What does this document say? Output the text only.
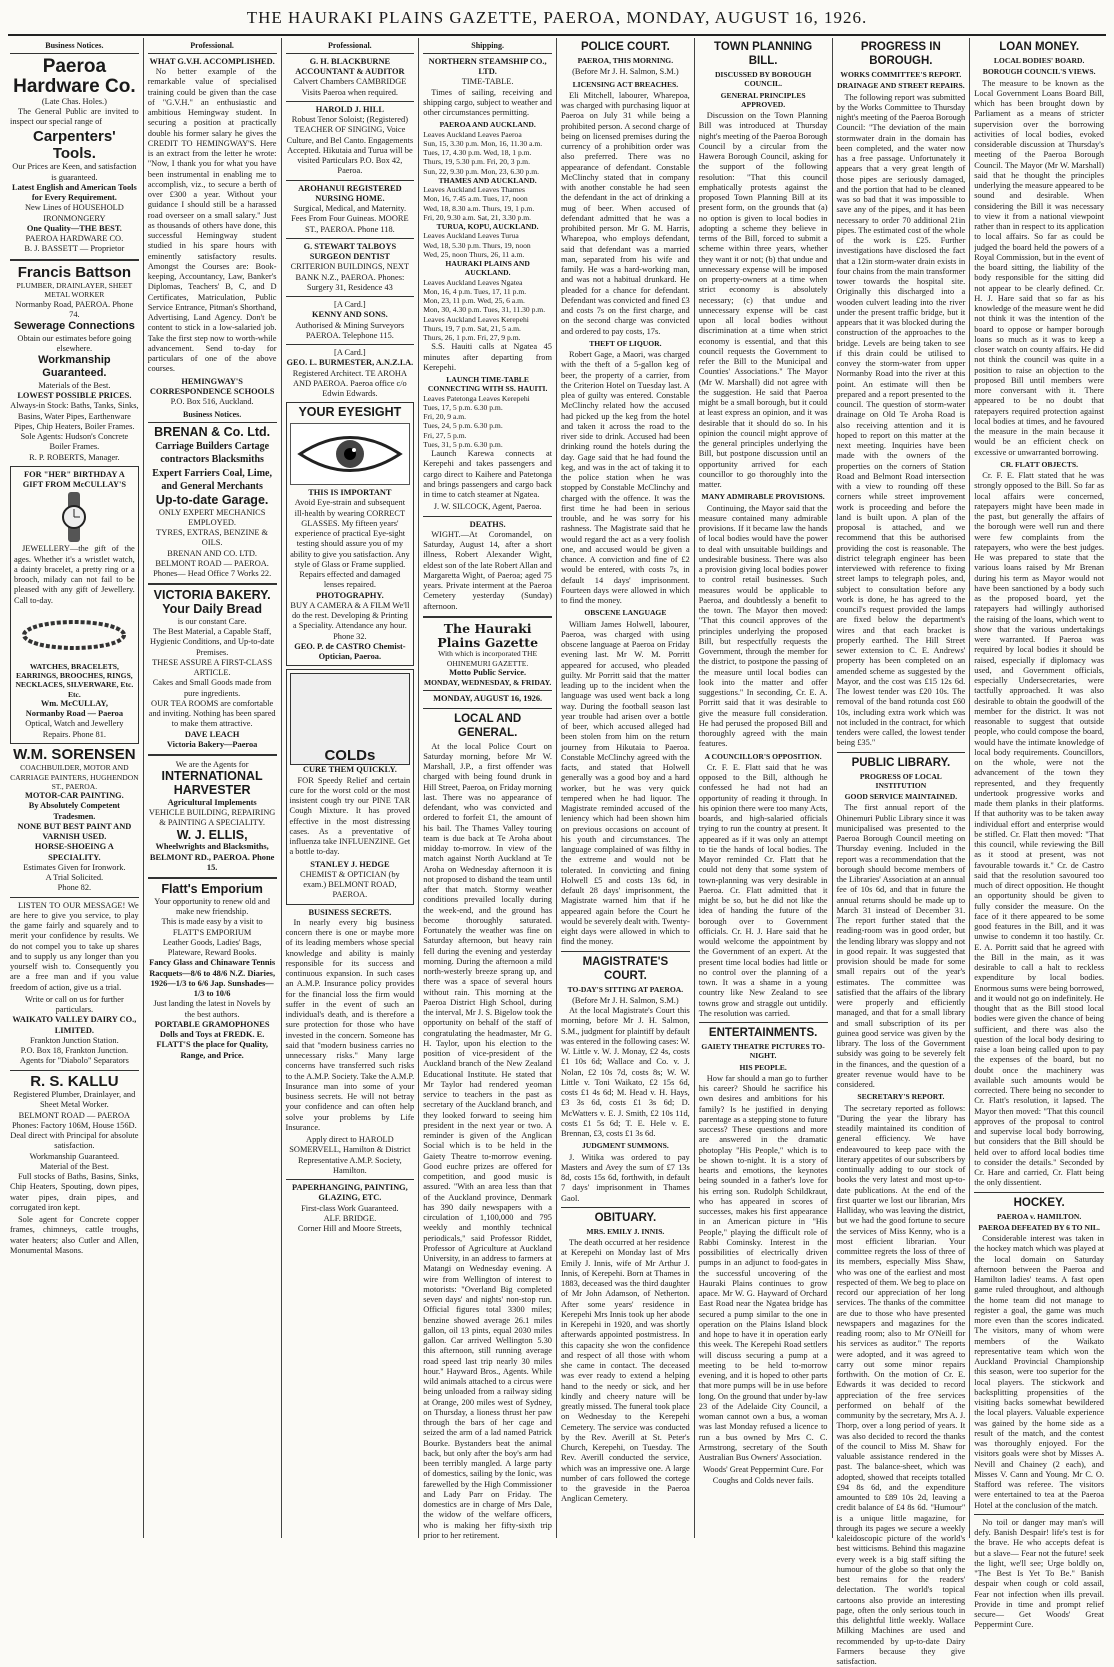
THE HAURAKI PLAINS GAZETTE, PAEROA, MONDAY, AUGUST 16, 1926.
Business Notices.
Paeroa Hardware Co.
(Late Chas. Holes.)

The General Public are invited to inspect our special range of

Carpenters' Tools.
Our Prices are Keen, and satisfaction is guaranteed.
Latest English and American Tools for Every Requirement.
New Lines of HOUSEHOLD IRONMONGERY
One Quality—THE BEST.
PAEROA HARDWARE CO.
B. J. BASSETT — Proprietor
Francis Battson
PLUMBER, DRAINLAYER, SHEET METAL WORKER
Normanby Road, PAEROA. Phone 74.
Sewerage Connections
Obtain our estimates before going elsewhere.
Workmanship Guaranteed.
Materials of the Best.
LOWEST POSSIBLE PRICES.
Always-in Stock: Baths, Tanks, Sinks, Basins, Water Pipes, Earthenware Pipes, Chip Heaters, Boiler Frames.
Sole Agents: Hudson's Concrete Boiler Frames.
R. P. ROBERTS, Manager.
FOR "HER" BIRTHDAY A GIFT FROM McCULLAY'S

JEWELLERY—the gift of the ages. Whether it's a wristlet watch, a dainty bracelet, a pretty ring or a brooch, milady can not fail to be pleased with any gift of Jewellery. Call to-day.

WATCHES, BRACELETS, EARRINGS, BROOCHES, RINGS, NECKLACES, SILVERWARE, Etc. Etc.
Wm. McCULLAY,
Normanby Road — Paeroa
Optical, Watch and Jewellery Repairs. Phone 81.
W.M. SORENSEN
COACHBUILDER, MOTOR AND CARRIAGE PAINTERS, HUGHENDON ST., PAEROA.
MOTOR-CAR PAINTING.
By Absolutely Competent Tradesmen.
NONE BUT BEST PAINT AND VARNISH USED.
HORSE-SHOEING A SPECIALITY.
Estimates Given for Ironwork.
A Trial Solicited.
Phone 82.

LISTEN TO OUR MESSAGE! We are here to give you service, to play the game fairly and squarely and to merit your confidence by results. We do not compel you to take up shares and to supply us any longer than you yourself wish to. Consequently you are a free man and if you value freedom of action, give us a trial.

Write or call on us for further particulars.
WAIKATO VALLEY DAIRY CO., LIMITED.
Frankton Junction Station.
P.O. Box 18, Frankton Junction. Agents for "Diabolo" Separators
R. S. KALLU
Registered Plumber, Drainlayer, and Sheet Metal Worker.
BELMONT ROAD — PAEROA
Phones: Factory 106M, House 156D.
Deal direct with Principal for absolute satisfaction.
Workmanship Guaranteed.
Material of the Best.

Full stocks of Baths, Basins, Sinks, Chip Heaters, Spouting, down pipes, water pipes, drain pipes, and corrugated iron kept.

Sole agent for Concrete copper frames, chimneys, cattle troughs, water heaters; also Cutler and Allen, Monumental Masons.

Professional.
WHAT G.V.H. ACCOMPLISHED.

No better example of the remarkable value of specialised training could be given than the case of "G.V.H." an enthusiastic and ambitious Hemingway student. In securing a position at practically double his former salary he gives the CREDIT TO HEMINGWAY'S. Here is an extract from the letter he wrote: "Now, I thank you for what you have been instrumental in enabling me to accomplish, viz., to secure a berth of over £300 a year. Without your guidance I should still be a harassed road overseer on a small salary." Just as thousands of others have done, this successful Hemingway student studied in his spare hours with eminently satisfactory results. Amongst the Courses are: Book-keeping, Accountancy, Law, Banker's Diplomas, Teachers' B, C, and D Certificates, Matriculation, Public Service Entrance, Pitman's Shorthand, Advertising, Land Agency. Don't be content to stick in a low-salaried job. Take the first step now to worth-while advancement. Send to-day for particulars of one of the above courses.

HEMINGWAY'S CORRESPONDENCE SCHOOLS
P.O. Box 516, Auckland.
Business Notices.
BRENAN & Co. Ltd.
Carriage Builders Cartage contractors Blacksmiths Expert Farriers Coal, Lime, and General Merchants
Up-to-date Garage.
ONLY EXPERT MECHANICS EMPLOYED.
TYRES, EXTRAS, BENZINE & OILS.
BRENAN AND CO. LTD.
BELMONT ROAD — PAEROA.
Phones— Head Office 7 Works 22.
VICTORIA BAKERY.
Your Daily Bread
is our constant Care.
The Best Material, a Capable Staff, Hygienic Conditions, and Up-to-date Premises.
THESE ASSURE A FIRST-CLASS ARTICLE.
Cakes and Small Goods made from pure ingredients.
OUR TEA ROOMS are comfortable and inviting. Nothing has been spared to make them attractive.
DAVE LEACH
Victoria Bakery—Paeroa
We are the Agents for
INTERNATIONAL HARVESTER
Agricultural Implements
VEHICLE BUILDING, REPAIRING & PAINTING A SPECIALITY.
W. J. ELLIS,
Wheelwrights and Blacksmiths,
BELMONT RD., PAEROA. Phone 15.
Flatt's Emporium
Your opportunity to renew old and make new friendship.
This is made easy by a visit to FLATT'S EMPORIUM
Leather Goods, Ladies' Bags, Plateware, Reward Books.
Fancy Glass and Chinaware Tennis Racquets—8/6 to 48/6 N.Z. Diaries, 1926—1/3 to 6/6 Jap. Sunshades—1/3 to 10/6
Just landing the latest in Novels by the best authors.
PORTABLE GRAMOPHONES Dolls and Toys at FREDK. E. FLATT'S the place for Quality, Range, and Price.
Professional.
G. H. BLACKBURNE ACCOUNTANT & AUDITOR
Calvert Chambers CAMBRIDGE
Visits Paeroa when required.
HAROLD J. HILL
Robust Tenor Soloist; (Registered) TEACHER OF SINGING, Voice Culture, and Bel Canto. Engagements Accepted. Hikutaia and Turua will be visited Particulars P.O. Box 42, Paeroa.
AROHANUI REGISTERED NURSING HOME.
Surgical, Medical, and Maternity. Fees From Four Guineas. MOORE ST., PAEROA. Phone 118.
G. STEWART TALBOYS SURGEON DENTIST
CRITERION BUILDINGS, NEXT BANK N.Z., PAEROA. Phones: Surgery 31, Residence 43
[A Card.]
KENNY AND SONS.
Authorised & Mining Surveyors PAEROA. Telephone 115.
[A Card.]
GEO. L. BURMESTER, A.N.Z.I.A.
Registered Architect. TE AROHA AND PAEROA. Paeroa office c/o Edwin Edwards.
YOUR EYESIGHT
THIS IS IMPORTANT
Avoid Eye-strain and subsequent ill-health by wearing CORRECT GLASSES. My fifteen years' experience of practical Eye-sight testing should assure you of my ability to give you satisfaction. Any style of Glass or Frame supplied. Repairs effected and damaged lenses repaired.
PHOTOGRAPHY.
BUY A CAMERA & A FILM We'll do the rest. Developing & Printing a Speciality. Attendance any hour. Phone 32.
GEO. P. de CASTRO Chemist-Optician, Paeroa.
COLDs
CURE THEM QUICKLY.

FOR Speedy Relief and certain cure for the worst cold or the most insistent cough try our PINE TAR Cough Mixture. It has proved effective in the most distressing cases. As a preventative of influenza take INFLUENZINE. Get a bottle to-day.

STANLEY J. HEDGE
CHEMIST & OPTICIAN (by exam.) BELMONT ROAD, PAEROA.
BUSINESS SECRETS.

In nearly every big business concern there is one or maybe more of its leading members whose special knowledge and ability is mainly responsible for its success and continuous expansion. In such cases an A.M.P. Insurance policy provides for the financial loss the firm would suffer in the event of such an individual's death, and is therefore a sure protection for those who have invested in the concern. Someone has said that "modern business carries no unnecessary risks." Many large concerns have transferred such risks to the A.M.P. Society. Take the A.M.P. Insurance man into some of your business secrets. He will not betray your confidence and can often help solve your problems by Life Insurance.

Apply direct to HAROLD SOMERVELL, Hamilton & District Representative A.M.P. Society, Hamilton.
PAPERHANGING, PAINTING, GLAZING, ETC.
First-class Work Guaranteed.
ALF. BRIDGE.
Corner Hill and Moore Streets,
Shipping.
NORTHERN STEAMSHIP CO., LTD.
TIME-TABLE.

Times of sailing, receiving and shipping cargo, subject to weather and other circumstances permitting.

PAEROA AND AUCKLAND.
Leaves Auckland Leaves Paeroa
Sun, 15, 3.30 p.m. Mon, 16, 11.30 a.m.
Tues, 17, 4.30 p.m. Wed, 18, 1 p.m.
Thurs, 19, 5.30 p.m. Fri, 20, 3 p.m.
Sun, 22, 9.30 p.m. Mon, 23, 6.30 p.m.
THAMES AND AUCKLAND.
Leaves Auckland Leaves Thames
Mon, 16, 7.45 a.m. Tues, 17, noon
Wed, 18, 8.30 a.m. Thurs, 19, 1 p.m.
Fri, 20, 9.30 a.m. Sat, 21, 3.30 p.m.
TURUA, KOPU, AUCKLAND.
Leaves Auckland Leaves Turua
Wed, 18, 5.30 p.m. Thurs, 19, noon
Wed, 25, noon Thurs, 26, 11 a.m.
HAURAKI PLAINS AND AUCKLAND.
Leaves Auckland Leaves Ngatea
Mon, 16, 4 p.m. Tues, 17, 11 p.m.
Mon, 23, 11 p.m. Wed, 25, 6 a.m.
Mon, 30, 4.30 p.m. Tues, 31, 11.30 p.m.
Leaves Auckland Leaves Kerepehi
Thurs, 19, 7 p.m. Sat, 21, 5 a.m.
Thurs, 26, 1 p.m. Fri, 27, 9 p.m.

S.S. Hauiti calls at Ngatea 45 minutes after departing from Kerepehi.

LAUNCH TIME-TABLE CONNECTING WITH SS. HAUITI.
Leaves Patetonga Leaves Kerepehi
Tues, 17, 5 p.m. 6.30 p.m.
Fri, 20, 9 a.m.
Tues, 24, 5 p.m. 6.30 p.m.
Fri, 27, 5 p.m.
Tues, 31, 5 p.m. 6.30 p.m.

Launch Karewa connects at Kerepehi and takes passengers and cargo direct to Kaihere and Patetonga and brings passengers and cargo back in time to catch steamer at Ngatea.

J. W. SILCOCK, Agent, Paeroa.
DEATHS.

WIGHT.—At Coromandel, on Saturday, August 14, after a short illness, Robert Alexander Wight, eldest son of the late Robert Allan and Margaretta Wight, of Paeroa; aged 75 years. Private interment at the Paeroa Cemetery yesterday (Sunday) afternoon.

The Hauraki Plains Gazette
With which is incorporated THE OHINEMURI GAZETTE.
Motto Public Service.
MONDAY, WEDNESDAY, & FRIDAY.
MONDAY, AUGUST 16, 1926.
LOCAL AND GENERAL.

At the local Police Court on Saturday morning, before Mr W. Marshall, J.P., a first offender was charged with being found drunk in Hill Street, Paeroa, on Friday morning last. There was no appearance of defendant, who was convicted and ordered to forfeit £1, the amount of his bail. The Thames Valley touring team is due back at Te Aroha about midday to-morrow. In view of the match against North Auckland at Te Aroha on Wednesday afternoon it is not proposed to disband the team until after that match. Stormy weather conditions prevailed locally during the week-end, and the ground has become thoroughly saturated. Fortunately the weather was fine on Saturday afternoon, but heavy rain fell during the evening and yesterday morning. During the afternoon a mild north-westerly breeze sprang up, and there was a space of several hours without rain. This morning at the Paeroa District High School, during the interval, Mr J. S. Bigelow took the opportunity on behalf of the staff of congratulating the headmaster, Mr G. H. Taylor, upon his election to the position of vice-president of the Auckland branch of the New Zealand Educational Institute. He stated that Mr Taylor had rendered yeoman service to teachers in the past as secretary of the Auckland branch, and they looked forward to seeing him president in the next year or two. A reminder is given of the Anglican Social which is to be held in the Gaiety Theatre to-morrow evening. Good euchre prizes are offered for competition, and good music is assured. "With an area less than that of the Auckland province, Denmark has 390 daily newspapers with a circulation of 1,100,000 and 795 weekly and monthly technical periodicals," said Professor Riddet, Professor of Agriculture at Auckland University, in an address to farmers at Matangi on Wednesday evening. A wire from Wellington of interest to motorists: "Overland Big completed seven days' and nights' non-stop run. Official figures total 3300 miles; benzine showed average 26.1 miles gallon, oil 13 pints, equal 2030 miles gallon. Car arrived Wellington 5.30 this afternoon, still running average road speed last trip nearly 30 miles hour." Hayward Bros., Agents. While wild animals attached to a circus were being unloaded from a railway siding at Orange, 200 miles west of Sydney, on Thursday, a lioness thrust her paw through the bars of her cage and seized the arm of a lad named Patrick Bourke. Bystanders beat the animal back, but only after the boy's arm had been terribly mangled. A large party of domestics, sailing by the Ionic, was farewelled by the High Commissioner and Lady Parr on Friday. The domestics are in charge of Mrs Dale, the widow of the welfare officers, who is making her fifty-sixth trip prior to her retirement.

POLICE COURT.
PAEROA, THIS MORNING.
(Before Mr J. H. Salmon, S.M.)
LICENSING ACT BREACHES.

Eli Mitchell, labourer, Wharepoa, was charged with purchasing liquor at Paeroa on July 31 while being a prohibited person. A second charge of being on licensed premises during the currency of a prohibition order was also preferred. There was no appearance of defendant. Constable McClinchy stated that in company with another constable he had seen the defendant in the act of drinking a mug of beer. When accused of defendant admitted that he was a prohibited person. Mr G. M. Harris, Wharepoa, who employs defendant, said that defendant was a married man, separated from his wife and family. He was a hard-working man, and was not a habitual drunkard. He pleaded for a chance for defendant. Defendant was convicted and fined £3 and costs 7s on the first charge, and on the second charge was convicted and ordered to pay costs, 17s.

THEFT OF LIQUOR.

Robert Gage, a Maori, was charged with the theft of a 5-gallon keg of beer, the property of a carrier, from the Criterion Hotel on Tuesday last. A plea of guilty was entered. Constable McClinchy related how the accused had picked up the keg from the hotel and taken it across the road to the river side to drink. Accused had been drinking round the hotels during the day. Gage said that he had found the keg, and was in the act of taking it to the police station when he was stopped by Constable McClinchy and charged with the offence. It was the first time he had been in serious trouble, and he was sorry for his rashness. The Magistrate said that he would regard the act as a very foolish one, and accused would be given a chance. A conviction and fine of £2 would be entered, with costs 7s, in default 14 days' imprisonment. Fourteen days were allowed in which to find the money.

OBSCENE LANGUAGE

William James Holwell, labourer, Paeroa, was charged with using obscene language at Paeroa on Friday evening last. Mr W. M. Porritt appeared for accused, who pleaded guilty. Mr Porritt said that the matter leading up to the incident when the language was used went back a long way. During the football season last year trouble had arisen over a bottle of beer, which accused alleged had been stolen from him on the return journey from Hikutaia to Paeroa. Constable McClinchy agreed with the facts, and stated that Holwell generally was a good boy and a hard worker, but he was very quick tempered when he had liquor. The Magistrate reminded accused of the leniency which had been shown him on previous occasions on account of his youth and circumstances. The language complained of was filthy in the extreme and would not be tolerated. In convicting and fining Holwell £5 and costs 13s 6d, in default 28 days' imprisonment, the Magistrate warned him that if he appeared again before the Court he would be severely dealt with. Twenty-eight days were allowed in which to find the money.

MAGISTRATE'S COURT.
TO-DAY'S SITTING AT PAEROA.
(Before Mr J. H. Salmon, S.M.)

At the local Magistrate's Court this morning, before Mr J. H. Salmon, S.M., judgment for plaintiff by default was entered in the following cases: W. W. Little v. W. J. Monay, £2 4s, costs £1 10s 6d; Wallace and Co. v. J. Nolan, £2 10s 7d, costs 8s; W. W. Little v. Toni Waikato, £2 15s 6d, costs £1 4s 6d; M. Head v. H. Hays, £3 3s 6d, costs £1 3s 6d; D. McWatters v. E. J. Smith, £2 10s 11d, costs £1 5s 6d; T. E. Hele v. E. Brennan, £3, costs £1 3s 6d.

JUDGMENT SUMMONS.

J. Witika was ordered to pay Masters and Avey the sum of £7 13s 8d, costs 15s 6d, forthwith, in default 7 days' imprisonment in Thames Gaol.

OBITUARY.
MRS. EMILY J. INNIS.

The death occurred at her residence at Kerepehi on Monday last of Mrs Emily J. Innis, wife of Mr Arthur J. Innis, of Kerepehi. Born at Thames in 1883, deceased was the third daughter of Mr John Adamson, of Netherton. After some years' residence in Kerepehi Mrs Innis took up her abode in Kerepehi in 1920, and was shortly afterwards appointed postmistress. In this capacity she won the confidence and respect of all those with whom she came in contact. The deceased was ever ready to extend a helping hand to the needy or sick, and her kindly and cheery nature will be greatly missed. The funeral took place on Wednesday to the Kerepehi Cemetery. The service was conducted by the Rev. Averill at St. Peter's Church, Kerepehi, on Tuesday. The Rev. Averill conducted the service, which was an impressive one. A large number of cars followed the cortege to the graveside in the Paeroa Anglican Cemetery.

TOWN PLANNING BILL.
DISCUSSED BY BOROUGH COUNCIL.
GENERAL PRINCIPLES APPROVED.

Discussion on the Town Planning Bill was introduced at Thursday night's meeting of the Paeroa Borough Council by a circular from the Hawera Borough Council, asking for the support of the following resolution: "That this council emphatically protests against the proposed Town Planning Bill at its present form, on the grounds that (a) no option is given to local bodies in adopting a scheme they believe in terms of the Bill, forced to submit a scheme within three years, whether they want it or not; (b) that undue and unnecessary expense will be imposed on property-owners at a time when strict economy is absolutely necessary; (c) that undue and unnecessary expense will be cast upon all local bodies without discrimination at a time when strict economy is essential, and that this council requests the Government to refer the Bill to the Municipal and Counties' Associations." The Mayor (Mr W. Marshall) did not agree with the suggestion. He said that Paeroa might be a small borough, but it could at least express an opinion, and it was desirable that it should do so. In his opinion the council might approve of the general principles underlying the Bill, but postpone discussion until an opportunity arrived for each councillor to go thoroughly into the matter.

MANY ADMIRABLE PROVISIONS.

Continuing, the Mayor said that the measure contained many admirable provisions. If it became law the hands of local bodies would have the power to deal with unsuitable buildings and undesirable business. There was also a provision giving local bodies power to control retail businesses. Such measures would be applicable to Paeroa, and doubtlessly a benefit to the town. The Mayor then moved: "That this council approves of the principles underlying the proposed Bill, but respectfully requests the Government, through the member for the district, to postpone the passing of the measure until local bodies can look into the matter and offer suggestions." In seconding, Cr. E. A. Porritt said that it was desirable to give the measure full consideration. He had perused the proposed Bill and thoroughly agreed with the main features.

A COUNCILLOR'S OPPOSITION.

Cr. F. E. Flatt said that he was opposed to the Bill, although he confessed he had not had an opportunity of reading it through. In his opinion there were too many Acts, boards, and high-salaried officials trying to run the country at present. It appeared as if it was only an attempt to tie the hands of local bodies. The Mayor reminded Cr. Flatt that he could not deny that some system of town-planning was very desirable in Paeroa. Cr. Flatt admitted that it might be so, but he did not like the idea of handing the future of the borough over to Government officials. Cr. H. J. Hare said that he would welcome the appointment by the Government of an expert. At the present time local bodies had little or no control over the planning of a town. It was a shame in a young country like New Zealand to see towns grow and straggle out untidily. The resolution was carried.

ENTERTAINMENTS.
GAIETY THEATRE PICTURES TO-NIGHT.
HIS PEOPLE.

How far should a man go to further his career? Should he sacrifice his own desires and ambitions for his family? Is he justified in denying parentage as a stepping stone to future success? These questions and more are answered in the dramatic photoplay "His People," which is to be shown to-night. It is a story of hearts and emotions, the keynotes being sounded in a father's love for his erring son. Rudolph Schildkraut, who has appeared in scores of successes, makes his first appearance in an American picture in "His People," playing the difficult role of Rabbi Cominsky. Interest in the possibilities of electrically driven pumps in an adjunct to food-gates in the successful uncovering of the Hauraki Plains continues to grow apace. Mr W. G. Hayward of Orchard East Road near the Ngatea bridge has secured a pump similar to the one in operation on the Plains Island block and hope to have it in operation early this week. The Kerepehi Road settlers will discuss securing a pump at a meeting to be held to-morrow evening, and it is hoped to other parts that more pumps will be in use before long. On the ground that under by-law 23 of the Adelaide City Council, a woman cannot own a bus, a woman was last Monday refused a licence to run a bus owned by Mrs C. C. Armstrong, secretary of the South Australian Bus Owners' Association.

Woods' Great Peppermint Cure. For Coughs and Colds never fails.
PROGRESS IN BOROUGH.
WORKS COMMITTEE'S REPORT.
DRAINAGE AND STREET REPAIRS.

The following report was submitted by the Works Committee to Thursday night's meeting of the Paeroa Borough Council: "The deviation of the main stormwater drain in the domain has been completed, and the water now has a free passage. Unfortunately it appears that a very great length of those pipes are seriously damaged, and the portion that had to be cleaned was so bad that it was impossible to save any of the pipes, and it has been necessary to order 70 additional 21in pipes. The estimated cost of the whole of the work is £25. Further investigations have disclosed the fact that a 12in storm-water drain exists in four chains from the main transformer tower towards the hospital site. Originally this discharged into a wooden culvert leading into the river under the present traffic bridge, but it appears that it was blocked during the construction of the approaches to the bridge. Levels are being taken to see if this drain could be utilised to convey the storm-water from upper Normanby Road into the river at this point. An estimate will then be prepared and a report presented to the council. The question of storm-water drainage on Old Te Aroha Road is also receiving attention and it is hoped to report on this matter at the next meeting. Inquiries have been made with the owners of the properties on the corners of Station Road and Belmont Road intersection with a view to rounding off these corners while street improvement work is proceeding and before the land is built upon. A plan of the proposal is attached, and we recommend that this be authorised providing the cost is reasonable. The district telegraph engineer has been interviewed with reference to fixing street lamps to telegraph poles, and, subject to consultation before any work is done, he has agreed to the council's request provided the lamps are fixed below the department's wires and that each bracket is properly earthed. The Hill Street sewer extension to C. E. Andrews' property has been completed on an amended scheme as suggested by the Mayor, and the cost was £15 12s 6d. The lowest tender was £20 10s. The removal of the band rotunda cost £60 10s, including extra work which was not included in the contract, for which tenders were called, the lowest tender being £35."

PUBLIC LIBRARY.
PROGRESS OF LOCAL INSTITUTION
GOOD SERVICE MAINTAINED.

The first annual report of the Ohinemuri Public Library since it was municipalised was presented to the Paeroa Borough Council meeting on Thursday evening. Included in the report was a recommendation that the borough should become members of the Libraries' Association at an annual fee of 10s 6d, and that in future the annual returns should be made up to March 31 instead of December 31. The report further stated that the reading-room was in good order, but the lending library was sloppy and not in good repair. It was suggested that provision should be made for some small repairs out of the year's estimates. The committee was satisfied that the affairs of the library were properly and efficiently managed, and that for a small library and small subscription of its per guinea good service was given by the library. The loss of the Government subsidy was going to be severely felt in the finances, and the question of a greater revenue would have to be considered.

SECRETARY'S REPORT.

The secretary reported as follows: "During the year the library has steadily maintained its condition of general efficiency. We have endeavoured to keep pace with the literary appetites of our subscribers by continually adding to our stock of books the very latest and most up-to-date publications. At the end of the first quarter we lost our librarian, Mrs Halliday, who was leaving the district, but we had the good fortune to secure the services of Miss Kenny, who is a most efficient librarian. Your committee regrets the loss of three of its members, especially Miss Shaw, who was one of the earliest and most respected of them. We beg to place on record our appreciation of her long services. The thanks of the committee are due to those who have presented newspapers and magazines for the reading room; also to Mr O'Neill for his services as auditor." The reports were adopted, and it was agreed to carry out some minor repairs forthwith. On the motion of Cr. E. Edwards it was decided to record appreciation of the free services performed on behalf of the community by the secretary, Mrs A. J. Thorp, over a long period of years. It was also decided to record the thanks of the council to Miss M. Shaw for valuable assistance rendered in the past. The balance-sheet, which was adopted, showed that receipts totalled £94 8s 6d, and the expenditure amounted to £89 10s 2d, leaving a credit balance of £4 8s 6d. "Humour" is a unique little magazine, for through its pages we secure a weekly kaleidoscopic picture of the world's best witticisms. Behind this magazine every week is a big staff sifting the humour of the globe so that only the best remains for the readers' delectation. The world's topical cartoons also provide an interesting page, often the only serious touch in this delightful little weekly. Wallace Milking Machines are used and recommended by up-to-date Dairy Farmers because they give satisfaction.

LOAN MONEY.
LOCAL BODIES' BOARD.
BOROUGH COUNCIL'S VIEWS.

The measure to be known as the Local Government Loans Board Bill, which has been brought down by Parliament as a means of stricter supervision over the borrowing activities of local bodies, evoked considerable discussion at Thursday's meeting of the Paeroa Borough Council. The Mayor (Mr W. Marshall) said that he thought the principles underlying the measure appeared to be sound and desirable. When considering the Bill it was necessary to view it from a national viewpoint rather than in respect to its application to local affairs. So far as could be judged the board held the powers of a Royal Commission, but in the event of the board sitting, the liability of the body responsible for the sitting did not appear to be clearly defined. Cr. H. J. Hare said that so far as his knowledge of the measure went he did not think it was the intention of the board to oppose or hamper borough loans so much as it was to keep a closer watch on county affairs. He did not think the council was quite in a position to raise an objection to the proposed Bill until members were more conversant with it. There appeared to be no doubt that ratepayers required protection against local bodies at times, and he favoured the measure in the main because it would be an efficient check on excessive or unwarranted borrowing.

CR. FLATT OBJECTS.

Cr. F. E. Flatt stated that he was strongly opposed to the Bill. So far as local affairs were concerned, ratepayers might have been made in the past, but generally the affairs of the borough were well run and there were few complaints from the ratepayers, who were the best judges. He was prepared to state that the various loans raised by Mr Brenan during his term as Mayor would not have been sanctioned by a body such as the proposed board, yet the ratepayers had willingly authorised the raising of the loans, which went to show that the various undertakings were warranted. If Paeroa was required by local bodies it should be raised, especially if diplomacy was used, and Government officials, especially Undersecretaries, were tactfully approached. It was also desirable to obtain the goodwill of the member for the district. It was not reasonable to suggest that outside people, who could compose the board, would have the intimate knowledge of local body requirements. Councillors, on the whole, were not the advancement of the town they represented, and they frequently undertook progressive works and made them planks in their platforms. If that authority was to be taken away individual effort and enterprise would be stifled. Cr. Flatt then moved: "That this council, while reviewing the Bill as it stood at present, was not favourable towards it." Cr. de Castro said that the resolution savoured too much of direct opposition. He thought an opportunity should be given to fully consider the measure. On the face of it there appeared to be some good features in the Bill, and it was unwise to condemn it too hastily. Cr. E. A. Porritt said that he agreed with the Bill in the main, as it was desirable to call a halt to reckless expenditure by local bodies. Enormous sums were being borrowed, and it would not go on indefinitely. He thought that as the Bill stood local bodies were given the chance of being sufficient, and there was also the question of the local body desiring to raise a loan being called upon to pay the expenses of the board, but no doubt once the machinery was available such amounts would be corrected. There being no seconder to Cr. Flatt's resolution, it lapsed. The Mayor then moved: "That this council approves of the proposal to control and supervise local body borrowing, but considers that the Bill should be held over to afford local bodies time to consider the details." Seconded by Cr. Hare and carried, Cr. Flatt being the only dissentient.

HOCKEY.
PAEROA v. HAMILTON.
PAEROA DEFEATED BY 6 TO NIL.

Considerable interest was taken in the hockey match which was played at the local domain on Saturday afternoon between the Paeroa and Hamilton ladies' teams. A fast open game ruled throughout, and although the home team did not manage to register a goal, the game was much more even than the scores indicated. The visitors, many of whom were members of the Waikato representative team which won the Auckland Provincial Championship this season, were too superior for the local players. The stickwork and backsplitting propensities of the visiting backs somewhat bewildered the local players. Valuable experience was gained by the home side as a result of the match, and the contest was thoroughly enjoyed. For the visitors goals were shot by Misses A. Nevill and Chainey (2 each), and Misses V. Cann and Young. Mr C. O. Stafford was referee. The visitors were entertained to tea at the Paeroa Hotel at the conclusion of the match.

No toil or danger may man's will defy. Banish Despair! life's test is for the brave. He who accepts defeat is but a slave— Fear not the future! seek the light, we'll see; Urge boldly on, "The Best Is Yet To Be." Banish despair when cough or cold assail, Fear not infection when ills prevail. Provide in time and prompt relief secure— Get Woods' Great Peppermint Cure.
